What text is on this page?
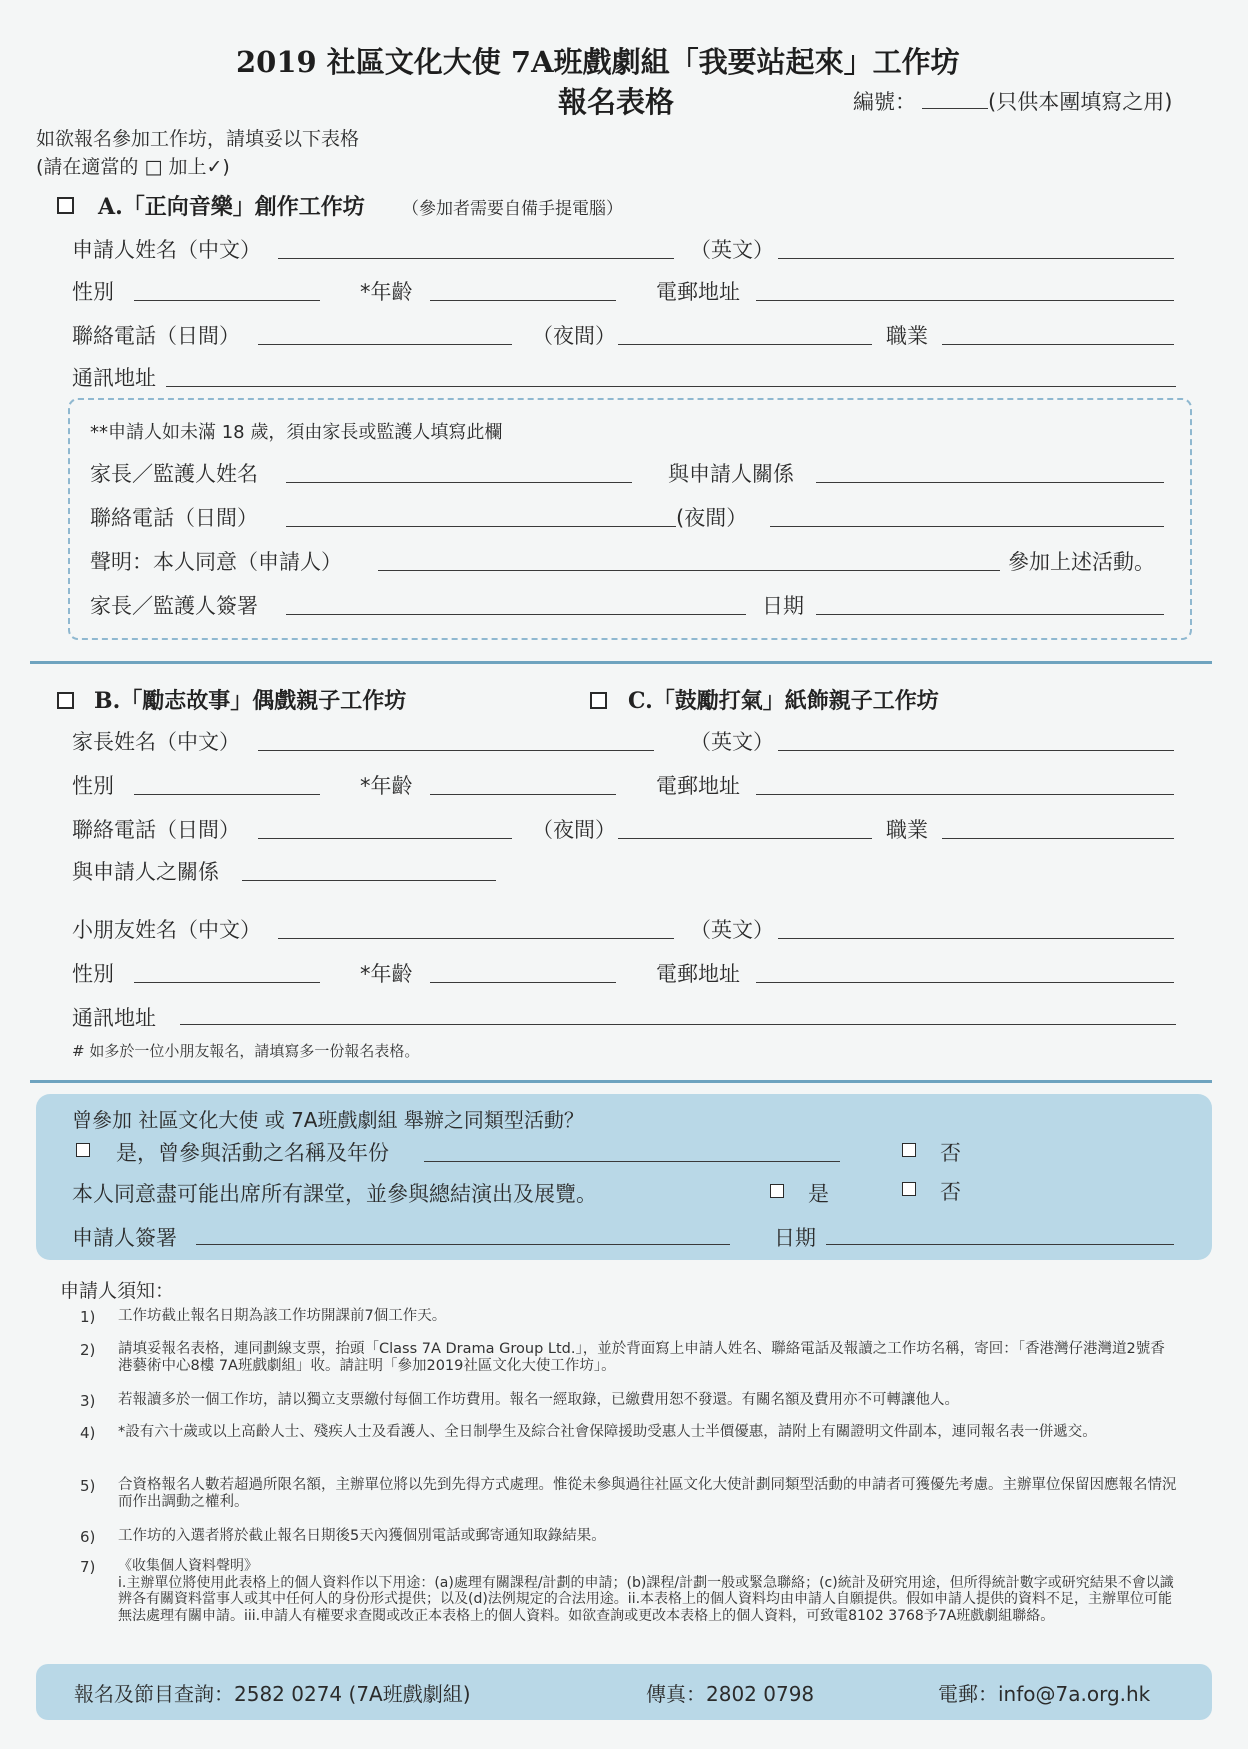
2019 社區文化大使 7A班戲劇組「我要站起來」工作坊
報名表格	編號：	(只供本團填寫之用)
如欲報名參加工作坊，請填妥以下表格
(請在適當的 □ 加上✓)
A.「正向音樂」創作工作坊 （參加者需要自備手提電腦）
申請人姓名（中文）	（英文）
性別	*年齡	電郵地址
聯絡電話（日間）	（夜間）	職業
通訊地址
**申請人如未滿 18 歲，須由家長或監護人填寫此欄
家長／監護人姓名	與申請人關係
聯絡電話（日間）	(夜間）
聲明：本人同意（申請人）	參加上述活動。
家長／監護人簽署	日期
B.「勵志故事」偶戲親子工作坊	C.「鼓勵打氣」紙飾親子工作坊
家長姓名（中文）	（英文）
性別	*年齡	電郵地址
聯絡電話（日間）	（夜間）	職業
與申請人之關係
小朋友姓名（中文）	（英文）
性別	*年齡	電郵地址
通訊地址
# 如多於一位小朋友報名，請填寫多一份報名表格。
曾參加 社區文化大使 或 7A班戲劇組 舉辦之同類型活動？
是，曾參與活動之名稱及年份	否
本人同意盡可能出席所有課堂，並參與總結演出及展覽。	是	否
申請人簽署	日期
申請人須知：
1) 工作坊截止報名日期為該工作坊開課前7個工作天。
2) 請填妥報名表格，連同劃線支票，抬頭「Class 7A Drama Group Ltd.」，並於背面寫上申請人姓名、聯絡電話及報讀之工作坊名稱，寄回：「香港灣仔港灣道2號香港藝術中心8樓 7A班戲劇組」收。請註明「參加2019社區文化大使工作坊」。
3) 若報讀多於一個工作坊，請以獨立支票繳付每個工作坊費用。報名一經取錄，已繳費用恕不發還。有關名額及費用亦不可轉讓他人。
4) *設有六十歲或以上高齡人士、殘疾人士及看護人、全日制學生及綜合社會保障援助受惠人士半價優惠，請附上有關證明文件副本，連同報名表一併遞交。
5) 合資格報名人數若超過所限名額，主辦單位將以先到先得方式處理。惟從未參與過往社區文化大使計劃同類型活動的申請者可獲優先考慮。主辦單位保留因應報名情況而作出調動之權利。
6) 工作坊的入選者將於截止報名日期後5天內獲個別電話或郵寄通知取錄結果。
7) 《收集個人資料聲明》
i.主辦單位將使用此表格上的個人資料作以下用途：(a)處理有關課程/計劃的申請；(b)課程/計劃一般或緊急聯絡；(c)統計及研究用途，但所得統計數字或研究結果不會以識辨各有關資料當事人或其中任何人的身份形式提供；以及(d)法例規定的合法用途。ii.本表格上的個人資料均由申請人自願提供。假如申請人提供的資料不足，主辦單位可能無法處理有關申請。iii.申請人有權要求查閱或改正本表格上的個人資料。如欲查詢或更改本表格上的個人資料，可致電8102 3768予7A班戲劇組聯絡。
報名及節目查詢：2582 0274 (7A班戲劇組)	傳真：2802 0798	電郵：info@7a.org.hk
